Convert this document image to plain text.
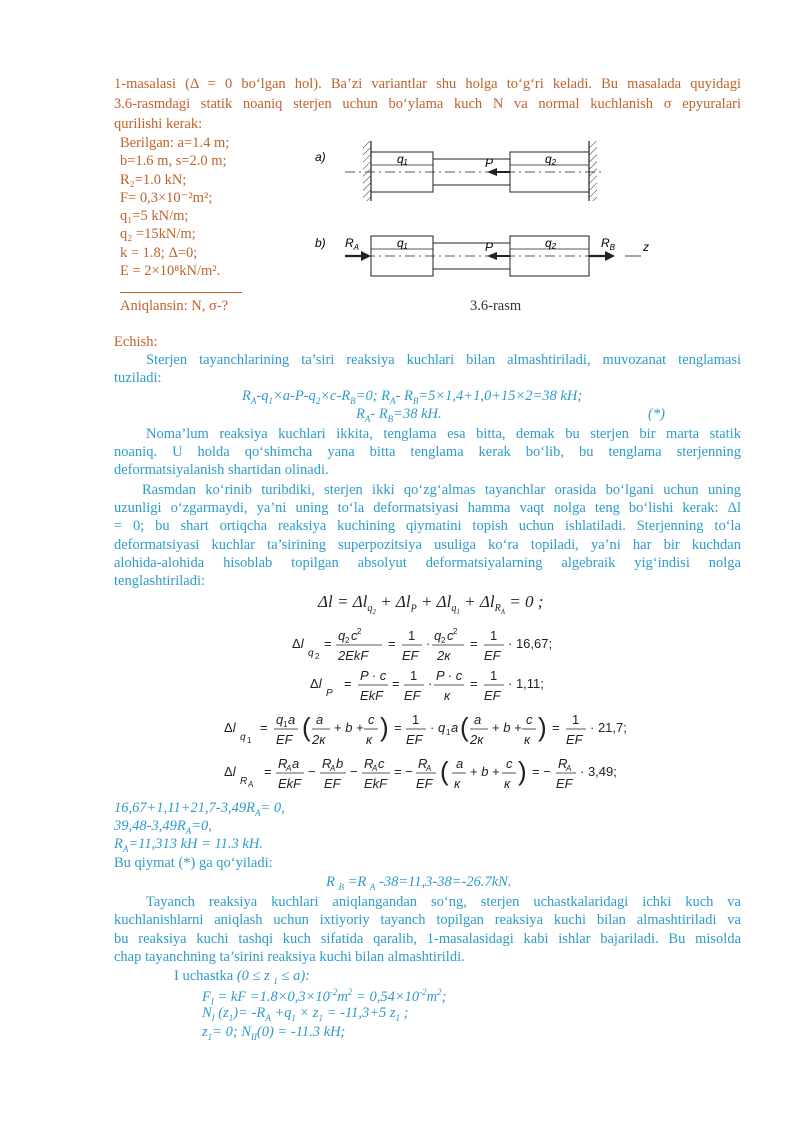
1-masalasi (Δ = 0 bo‘lgan hol). Ba’zi variantlar shu holga to‘g‘ri keladi. Bu masalada quyidagi
3.6-rasmdagi statik noaniq sterjen uchun bo‘ylama kuch N va normal kuchlanish σ epyuralari
qurilishi kerak:
Berilgan: a=1.4 m;
b=1.6 m, s=2.0 m;
R₂=1.0 kN;
F= 0,3×10⁻²m²;
q₁=5 kN/m;
q₂ =15kN/m;
k = 1.8; Δ=0;
E = 2×10⁸kN/m².
Aniqlansin: N, σ-?
a)	q₁	q₂
P
b)	q₁	q₂
P
$R_A$	$R_B$ z
3.6-rasm
Echish:
Sterjen tayanchlarining ta’siri reaksiya kuchlari bilan almashtiriladi, muvozanat tenglamasi
tuziladi:
$R_A-q_1\times a-P-q_2\times c-R_B=0$; $R_A-$ $R_B=5\times 1,4+1,0+15\times 2=38$ kH;
$R_A-$ $R_B=38$ kH.	(*)
Noma’lum reaksiya kuchlari ikkita, tenglama esa bitta, demak bu sterjen bir marta statik
noaniq. U holda qo‘shimcha yana bitta tenglama kerak bo‘lib, bu tenglama sterjenning
deformatsiyalanish shartidan olinadi.
Rasmdan ko‘rinib turibdiki, sterjen ikki qo‘zg‘almas tayanchlar orasida bo‘lgani uchun uning
uzunligi o‘zgarmaydi, ya’ni uning to‘la deformatsiyasi hamma vaqt nolga teng bo‘lishi kerak: Δl
= 0; bu shart ortiqcha reaksiya kuchining qiymatini topish uchun ishlatiladi. Sterjenning to‘la
deformatsiyasi kuchlar ta’sirining superpozitsiya usuliga ko‘ra topiladi, ya’ni har bir kuchdan
alohida-alohida hisoblab topilgan absolyut deformatsiyalarning algebraik yig‘indisi nolga
tenglashtiriladi:
$\Delta l = \Delta l_{q_2} + \Delta l_P + \Delta l_{q_1} + \Delta l_{R_A} = 0$ ;
Δl
q 2
=
q 2 c 2
2EkF
=
1
EF
·
q 2 c 2
2к
=
1
EF
· 16,67;
Δl
P
=
P · c
EkF
=
1
EF
·
P · c
к
=
1
EF
· 1,11;
Δl
q 1
=
q 1 a
EF ( a
2к
+ b +
c
к ) =
1
EF
· q 1 a ( a
2к
+ b +
c
к ) =
1
EF
· 21,7;
Δl
R A
=
R
A a
EkF
−
R
A b
EF
−
R
A c
EkF
= −
R
A
EF ( a
к
+ b +
c
к ) = −
R
A
EF
· 3,49;
$16,67+1,11+21,7-3,49R_A= 0$,
$39,48-3,49R_A=0$,
$R_A=11,313$ kH = 11.3 kH.
Bu qiymat (*) ga qo‘yiladi:
R $_B$ =R $_A$ -38=11,3-38=-26.7kN.
Tayanch reaksiya kuchlari aniqlangandan so‘ng, sterjen uchastkalaridagi ichki kuch va
kuchlanishlarni aniqlash uchun ixtiyoriy tayanch topilgan reaksiya kuchi bilan almashtiriladi va
bu reaksiya kuchi tashqi kuch sifatida qaralib, 1-masalasidagi kabi ishlar bajariladi. Bu misolda
chap tayanchning ta’sirini reaksiya kuchi bilan almashtirildi.
I uchastka (0 ≤ z $_1$ ≤ a):
$F_I$ = kF $=1.8\times 0,3\times 10^{-2}m^2 = 0,54\times 10^{-2}m^2$;
$N_I$ $(z_1)= -R_A +q_1 \times z_1 = -11,3+5$ $z_1$ ;
$z_1= 0$; $N_{II}(0) = -11.3$ kH;
